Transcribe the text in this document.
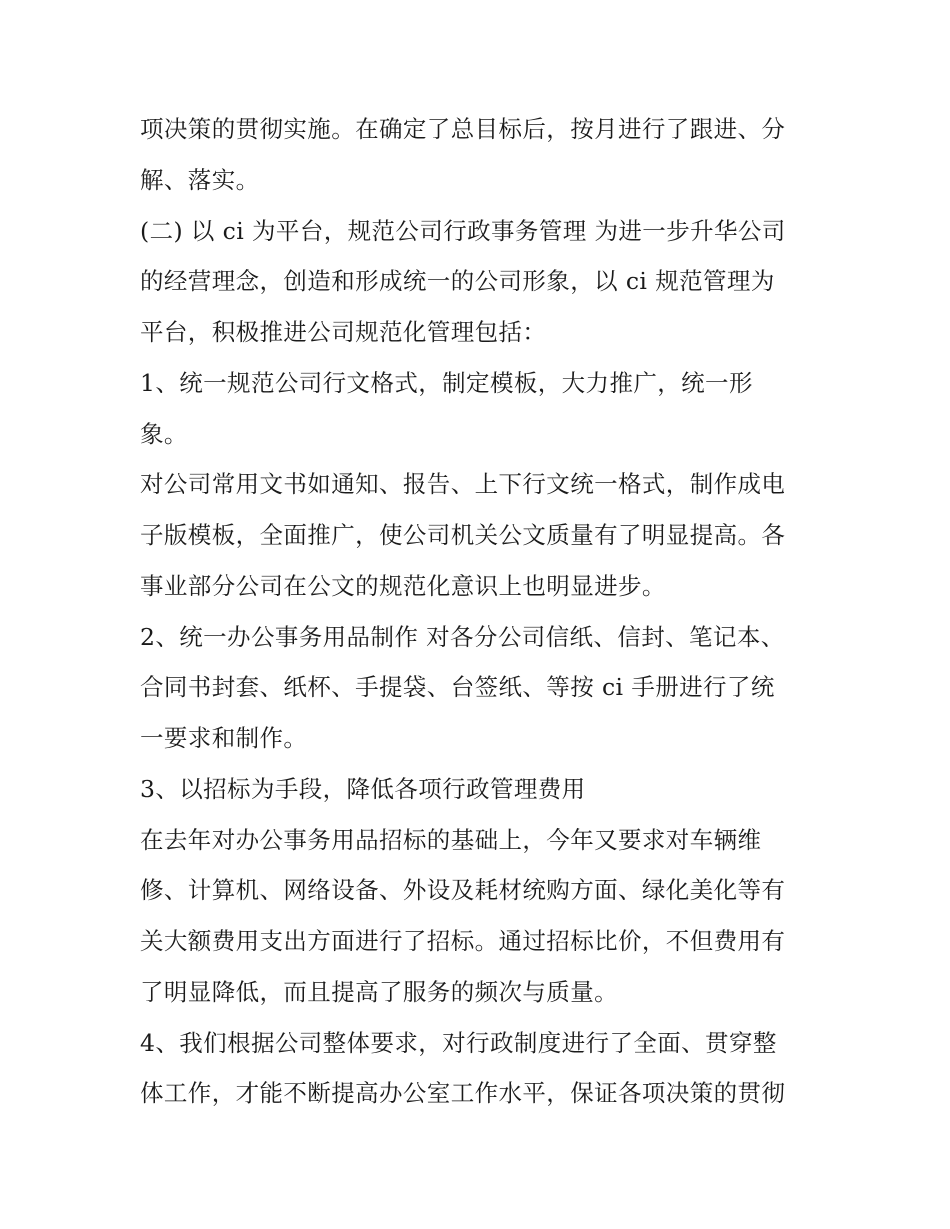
项决策的贯彻实施。在确定了总目标后，按月进行了跟进、分
解、落实。
(二) 以 ci 为平台，规范公司行政事务管理 为进一步升华公司
的经营理念，创造和形成统一的公司形象，以 ci 规范管理为
平台，积极推进公司规范化管理包括：
1、统一规范公司行文格式，制定模板，大力推广，统一形
象。
对公司常用文书如通知、报告、上下行文统一格式，制作成电
子版模板，全面推广，使公司机关公文质量有了明显提高。各
事业部分公司在公文的规范化意识上也明显进步。
2、统一办公事务用品制作 对各分公司信纸、信封、笔记本、
合同书封套、纸杯、手提袋、台签纸、等按 ci 手册进行了统
一要求和制作。
3、以招标为手段，降低各项行政管理费用
在去年对办公事务用品招标的基础上，今年又要求对车辆维
修、计算机、网络设备、外设及耗材统购方面、绿化美化等有
关大额费用支出方面进行了招标。通过招标比价，不但费用有
了明显降低，而且提高了服务的频次与质量。
4、我们根据公司整体要求，对行政制度进行了全面、贯穿整
体工作，才能不断提高办公室工作水平，保证各项决策的贯彻
